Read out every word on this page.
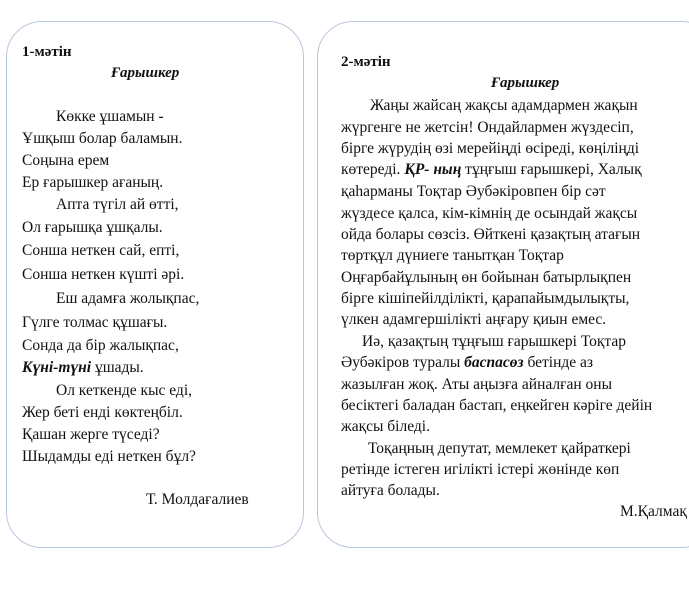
1-мәтін
Ғарышкер
Көкке ұшамын -
Ұшқыш болар баламын.
Соңына ерем
Ер ғарышкер ағаның.
Апта түгіл ай өтті,
Ол ғарышқа ұшқалы.
Сонша неткен сай, епті,
Сонша неткен күшті әрі.
Еш адамға жолықпас,
Гүлге толмас құшағы.
Сонда да бір жалықпас,
Күні-түні ұшады.
Ол кеткенде кыс еді,
Жер беті енді көктеңбіл.
Қашан жерге түседі?
Шыдамды еді неткен бұл?
Т. Молдағалиев
2-мәтін
Ғарышкер
Жаңы жайсаң жақсы адамдармен жақын
жүргенге не жетсін! Ондайлармен жүздесіп,
бірге жүрудің өзі мерейіңді өсіреді, көңіліңді
көтереді. ҚР- ның тұңғыш ғарышкері, Халық
қаһарманы Тоқтар Әубәкіровпен бір сәт
жүздесе қалса, кім-кімнің де осындай жақсы
ойда болары сөзсіз. Өйткені қазақтың атағын
төртқұл дүниеге танытқан Тоқтар
Оңғарбайұлының өн бойынан батырлықпен
бірге кішіпейілділікті, қарапайымдылықты,
үлкен адамгершілікті аңғару қиын емес.
Иә, қазақтың тұңғыш ғарышкері Тоқтар
Әубәкіров туралы баспасөз бетінде аз
жазылған жоқ. Аты аңызға айналған оны
бесіктегі баладан бастап, еңкейген кәріге дейін
жақсы біледі.
Тоқаңның депутат, мемлекет қайраткері
ретінде істеген игілікті істері жөнінде көп
айтуға болады.
М.Қалмақ
